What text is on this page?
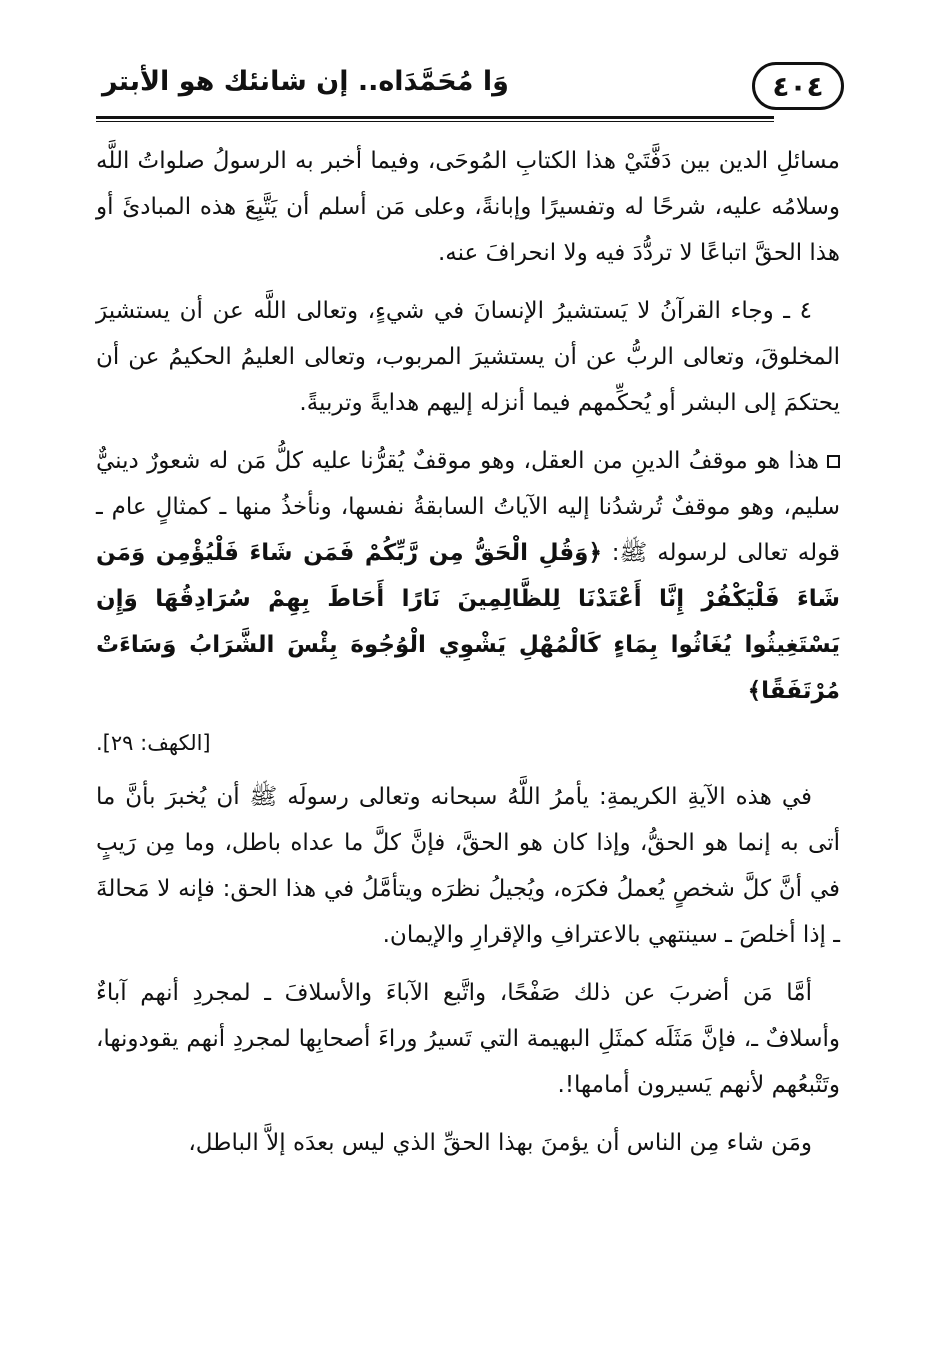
٤٠٤
وَا مُحَمَّدَاه.. إن شانئك هو الأبتر

مسائلِ الدين بين دَفَّتَيْ هذا الكتابِ المُوحَى، وفيما أخبر به الرسولُ صلواتُ اللَّه وسلامُه عليه، شرحًا له وتفسيرًا وإبانةً، وعلى مَن أسلم أن يَتَّبِعَ هذه المبادئَ أو هذا الحقَّ اتباعًا لا تردُّدَ فيه ولا انحرافَ عنه.

٤ ـ وجاء القرآنُ لا يَستشيرُ الإنسانَ في شيءٍ، وتعالى اللَّه عن أن يستشيرَ المخلوقَ، وتعالى الربُّ عن أن يستشيرَ المربوب، وتعالى العليمُ الحكيمُ عن أن يحتكمَ إلى البشر أو يُحكِّمهم فيما أنزله إليهم هدايةً وتربيةً.

هذا هو موقفُ الدينِ من العقل، وهو موقفٌ يُقرُّنا عليه كلُّ مَن له شعورٌ دينيٌّ سليم، وهو موقفٌ تُرشدُنا إليه الآياتُ السابقةُ نفسها، ونأخذُ منها ـ كمثالٍ عام ـ قوله تعالى لرسوله ﷺ: ﴿وَقُلِ الْحَقُّ مِن رَّبِّكُمْ فَمَن شَاءَ فَلْيُؤْمِن وَمَن شَاءَ فَلْيَكْفُرْ إِنَّا أَعْتَدْنَا لِلظَّالِمِينَ نَارًا أَحَاطَ بِهِمْ سُرَادِقُهَا وَإِن يَسْتَغِيثُوا يُغَاثُوا بِمَاءٍ كَالْمُهْلِ يَشْوِي الْوُجُوهَ بِئْسَ الشَّرَابُ وَسَاءَتْ مُرْتَفَقًا﴾

[الكهف: ٢٩].

في هذه الآيةِ الكريمةِ: يأمرُ اللَّهُ سبحانه وتعالى رسولَه ﷺ أن يُخبرَ بأنَّ ما أتى به إنما هو الحقُّ، وإذا كان هو الحقَّ، فإنَّ كلَّ ما عداه باطل، وما مِن رَيبٍ في أنَّ كلَّ شخصٍ يُعملُ فكرَه، ويُجيلُ نظرَه ويتأمَّلُ في هذا الحق: فإنه لا مَحالةَ ـ إذا أخلصَ ـ سينتهي بالاعترافِ والإقرارِ والإيمان.

أمَّا مَن أضربَ عن ذلك صَفْحًا، واتَّبع الآباءَ والأسلافَ ـ لمجردِ أنهم آباءٌ وأسلافٌ ـ، فإنَّ مَثَلَه كمثَلِ البهيمة التي تَسيرُ وراءَ أصحابِها لمجردِ أنهم يقودونها، وتَتْبعُهم لأنهم يَسيرون أمامها!.

ومَن شاء مِن الناس أن يؤمنَ بهذا الحقِّ الذي ليس بعدَه إلاَّ الباطل،
